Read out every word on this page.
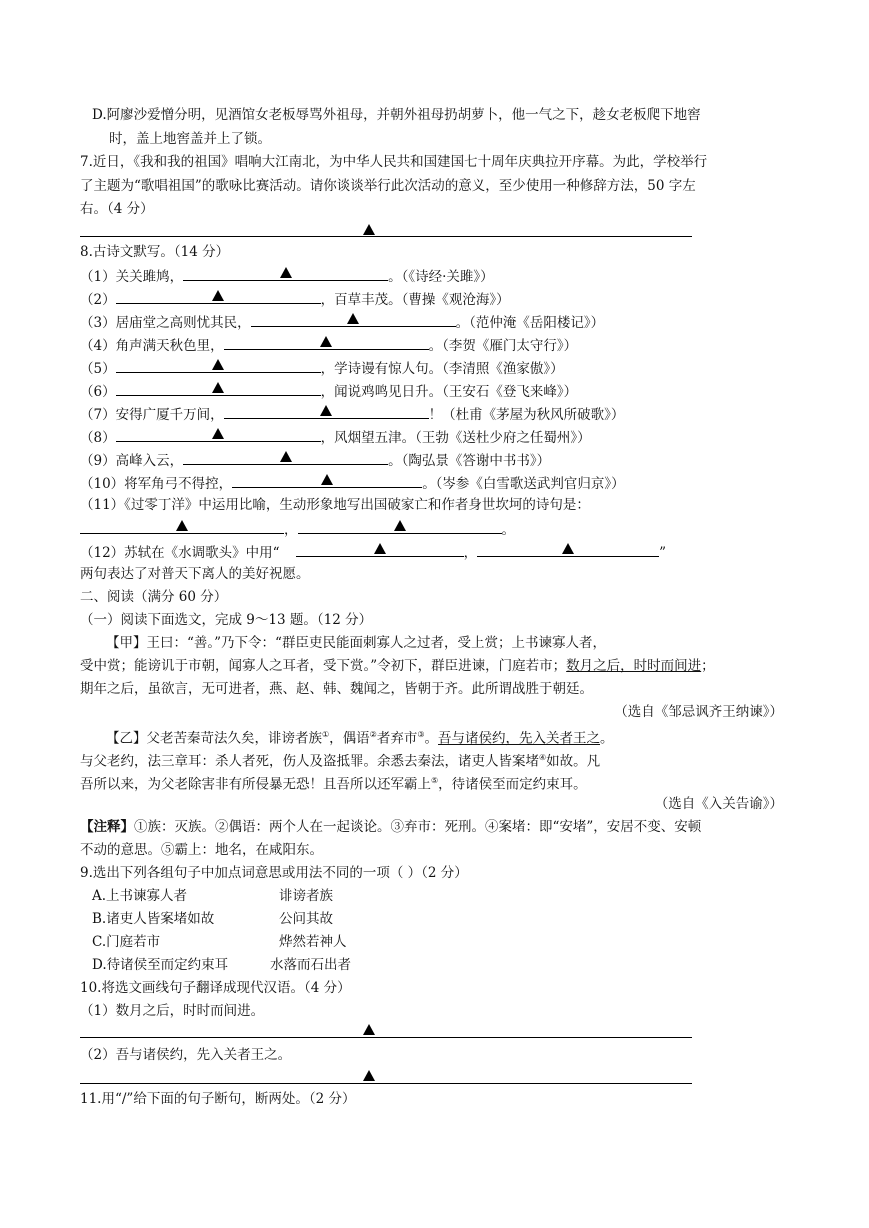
D.阿廖沙爱憎分明，见酒馆女老板辱骂外祖母，并朝外祖母扔胡萝卜，他一气之下，趁女老板爬下地窖
时，盖上地窖盖并上了锁。
7.近日，《我和我的祖国》唱响大江南北，为中华人民共和国建国七十周年庆典拉开序幕。为此，学校举行
了主题为“歌唱祖国”的歌咏比赛活动。请你谈谈举行此次活动的意义，至少使用一种修辞方法，50 字左
右。（4 分）
8.古诗文默写。（14 分）
（1）关关雎鸠，	。（《诗经·关雎》）
（2）	，百草丰茂。（曹操《观沧海》）
（3）居庙堂之高则忧其民，	。（范仲淹《岳阳楼记》）
（4）角声满天秋色里，	。（李贺《雁门太守行》）
（5）	，学诗谩有惊人句。（李清照《渔家傲》）
（6）	，闻说鸡鸣见日升。（王安石《登飞来峰》）
（7）安得广厦千万间，	！（杜甫《茅屋为秋风所破歌》）
（8）	，风烟望五津。（王勃《送杜少府之任蜀州》）
（9）高峰入云，	。（陶弘景《答谢中书书》）
（10）将军角弓不得控，	。（岑参《白雪歌送武判官归京》）
（11）《过零丁洋》中运用比喻，生动形象地写出国破家亡和作者身世坎坷的诗句是：
，	。
（12）苏轼在《水调歌头》中用“	，	”
两句表达了对普天下离人的美好祝愿。
二、阅读（满分 60 分）
（一）阅读下面选文，完成 9～13 题。（12 分）
【甲】王曰：“善。”乃下令：“群臣吏民能面刺寡人之过者，受上赏；上书谏寡人者，
受中赏；能谤讥于市朝，闻寡人之耳者，受下赏。”令初下，群臣进谏，门庭若市；数月之后，时时而间进；
期年之后，虽欲言，无可进者，燕、赵、韩、魏闻之，皆朝于齐。此所谓战胜于朝廷。
（选自《邹忌讽齐王纳谏》）
【乙】父老苦秦苛法久矣，诽谤者族①，偶语②者弃市③。吾与诸侯约，先入关者王之。
与父老约，法三章耳：杀人者死，伤人及盗抵罪。余悉去秦法，诸吏人皆案堵④如故。凡
吾所以来，为父老除害非有所侵暴无恐！且吾所以还军霸上⑤，待诸侯至而定约束耳。
（选自《入关告谕》）
【注释】①族：灭族。②偶语：两个人在一起谈论。③弃市：死刑。④案堵：即“安堵”，安居不变、安顿
不动的意思。⑤霸上：地名，在咸阳东。
9.选出下列各组句子中加点词意思或用法不同的一项（ ）（2 分）
A.上书谏寡人者	诽谤者族
B.诸吏人皆案堵如故	公问其故
C.门庭若市	烨然若神人
D.待诸侯至而定约束耳	水落而石出者
10.将选文画线句子翻译成现代汉语。（4 分）
（1）数月之后，时时而间进。
（2）吾与诸侯约，先入关者王之。
11.用“/”给下面的句子断句，断两处。（2 分）
